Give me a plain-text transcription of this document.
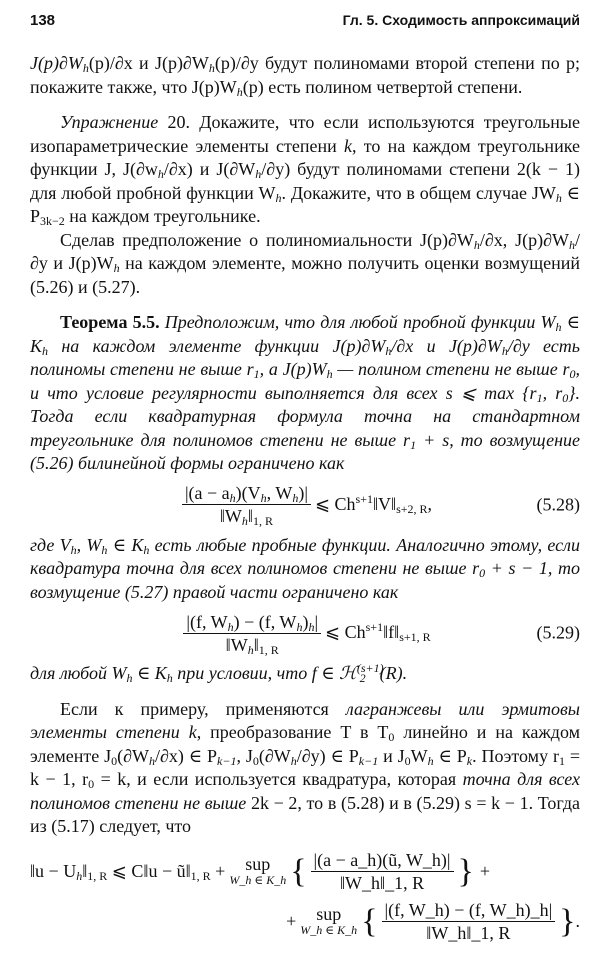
138	Гл. 5. Сходимость аппроксимаций

$J(p)\partial W_h(p)/\partial x$ и $J(p)\partial W_h(p)/\partial y$ будут полиномами второй степени по p; покажите также, что $J(p)W_h(p)$ есть полином четвертой степени.

Упражнение 20. Докажите, что если используются треугольные изопараметрические элементы степени k, то на каждом треугольнике функции J, $J(\partial w_h/\partial x)$ и $J(\partial W_h/\partial y)$ будут полиномами степени 2(k − 1) для любой пробной функции $W_h$. Докажите, что в общем случае $JW_h$ ∈ $P_{3k-2}$ на каждом треугольнике.

Сделав предположение о полиномиальности $J(p)\partial W_h/\partial x$, $J(p)\partial W_h/\partial y$ и $J(p)W_h$ на каждом элементе, можно получить оценки возмущений (5.26) и (5.27).

Теорема 5.5. Предположим, что для любой пробной функции $W_h$ ∈ $K_h$ на каждом элементе функции $J(p)\partial W_h/\partial x$ и $J(p)\partial W_h/\partial y$ есть полиномы степени не выше $r_1$, а $J(p)W_h$ — полином степени не выше $r_0$, и что условие регулярности выполняется для всех s ⩽ $\max \{r_1$, $r_0$}. Тогда если квадратурная формула точна на стандартном треугольнике для полиномов степени не выше $r_1 + s$, то возмущение (5.26) билинейной формы ограничено как

$\frac{|(a - a_h)(V_h, W_h)|}{‖W_h‖_{1, R}}$ ⩽ $Ch^{s+1}‖V‖_{s+2, R}$,	(5.28)

где $V_h$, $W_h$ ∈ $K_h$ есть любые пробные функции. Аналогично этому, если квадратура точна для всех полиномов степени не выше $r_0 + s - 1$, то возмущение (5.27) правой части ограничено как

$\frac{|(f, W_h) - (f, W_h)_h|}{‖W_h‖_{1, R}}$ ⩽ $Ch^{s+1}‖f‖_{s+1, R}$	(5.29)

для любой $W_h$ ∈ $K_h$ при условии, что f ∈ ℋ$^{(s+1)}_2$ (R).

Если к примеру, применяются лагранжевы или эрмитовы элементы степени k, преобразование T в $T_0$ линейно и на каждом элементе $J_0(\partial W_h/\partial x)$ ∈ $P_{k-1}$, $J_0(\partial W_h/\partial y)$ ∈ $P_{k-1}$ и $J_0W_h$ ∈ $P_k$. Поэтому $r_1 = k - 1$, $r_0 = k$, и если используется квадратура, которая точна для всех полиномов степени не выше 2k − 2, то в (5.28) и в (5.29) s = k − 1. Тогда из (5.17) следует, что

‖u − $U_h‖_{1, R}$ ⩽ C‖u − $ũ‖_{1, R}$ + sup
W_h ∈ K_h { $\frac{|(a - a\_h)(ũ, W\_h)|}{‖W\_h‖\_1, R}$ } +
+ sup
W_h ∈ K_h { $\frac{|(f, W\_h) - (f, W\_h)\_h|}{‖W\_h‖\_1, R}$ } .
